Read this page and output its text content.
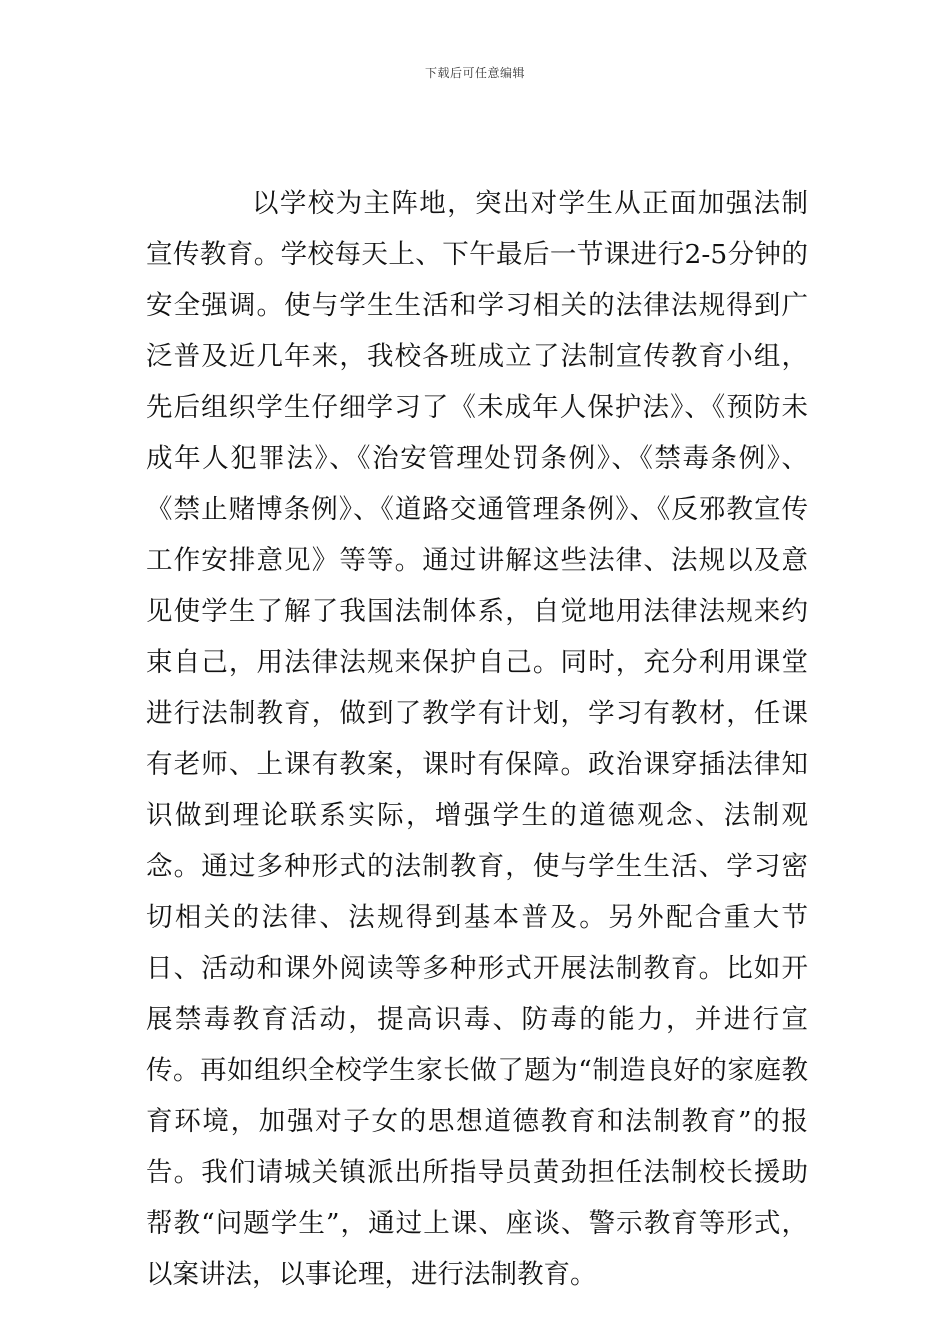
下载后可任意编辑

以学校为主阵地，突出对学生从正面加强法制宣传教育。学校每天上、下午最后一节课进行2-5分钟的安全强调。使与学生生活和学习相关的法律法规得到广泛普及近几年来，我校各班成立了法制宣传教育小组，先后组织学生仔细学习了《未成年人保护法》、《预防未成年人犯罪法》、《治安管理处罚条例》、《禁毒条例》、《禁止赌博条例》、《道路交通管理条例》、《反邪教宣传工作安排意见》等等。通过讲解这些法律、法规以及意见使学生了解了我国法制体系，自觉地用法律法规来约束自己，用法律法规来保护自己。同时，充分利用课堂进行法制教育，做到了教学有计划，学习有教材，任课有老师、上课有教案，课时有保障。政治课穿插法律知识做到理论联系实际，增强学生的道德观念、法制观念。通过多种形式的法制教育，使与学生生活、学习密切相关的法律、法规得到基本普及。另外配合重大节日、活动和课外阅读等多种形式开展法制教育。比如开展禁毒教育活动，提高识毒、防毒的能力，并进行宣传。再如组织全校学生家长做了题为“制造良好的家庭教育环境，加强对子女的思想道德教育和法制教育”的报告。我们请城关镇派出所指导员黄劲担任法制校长援助帮教“问题学生”，通过上课、座谈、警示教育等形式，以案讲法，以事论理，进行法制教育。
